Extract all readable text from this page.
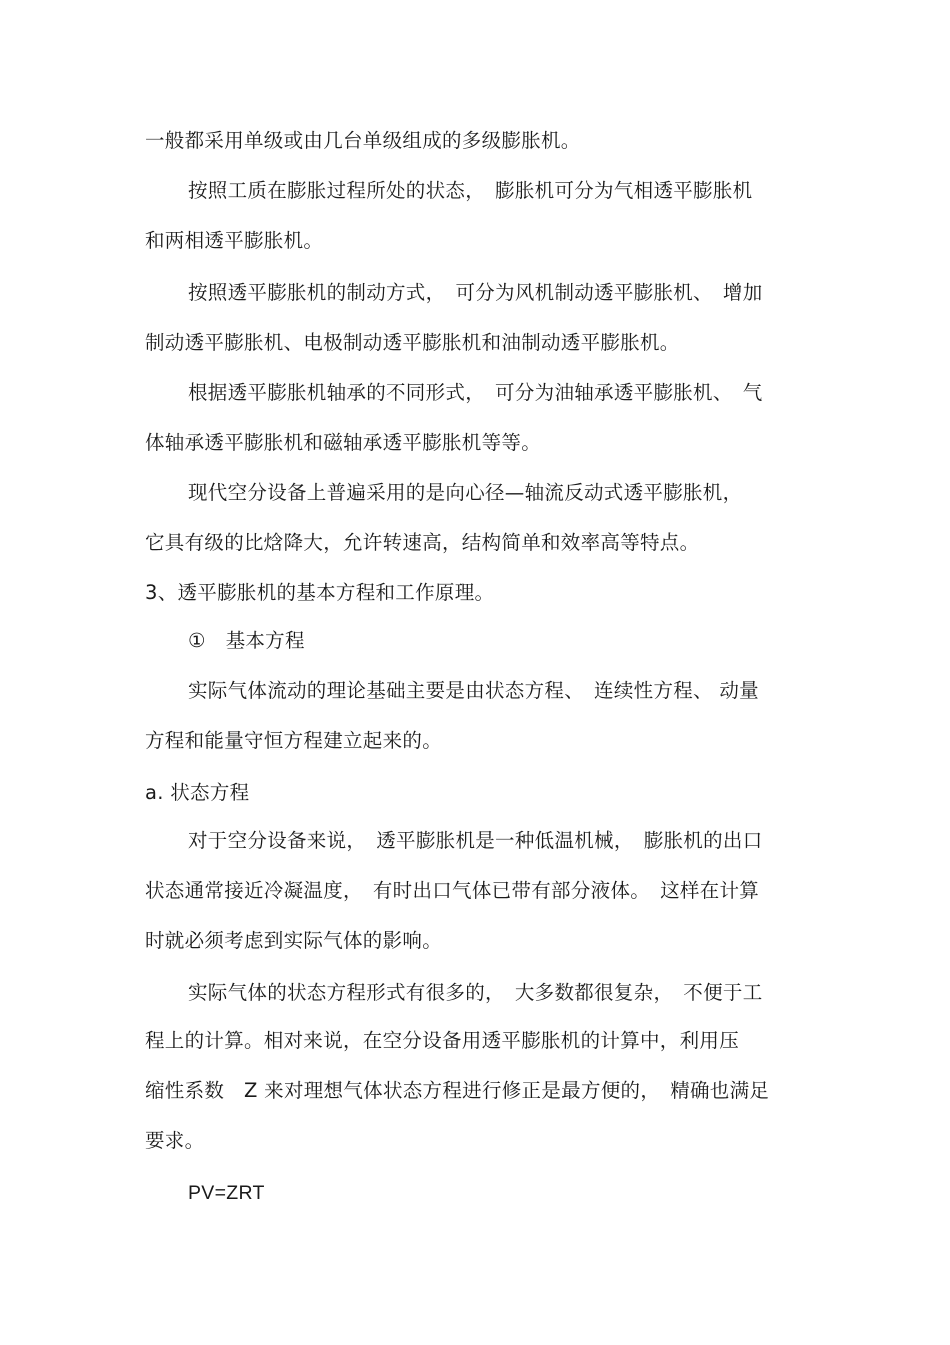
一般都采用单级或由几台单级组成的多级膨胀机。
按照工质在膨胀过程所处的状态，　膨胀机可分为气相透平膨胀机
和两相透平膨胀机。
按照透平膨胀机的制动方式，　可分为风机制动透平膨胀机、　增加
制动透平膨胀机、电极制动透平膨胀机和油制动透平膨胀机。
根据透平膨胀机轴承的不同形式，　可分为油轴承透平膨胀机、　气
体轴承透平膨胀机和磁轴承透平膨胀机等等。
现代空分设备上普遍采用的是向心径—轴流反动式透平膨胀机，
它具有级的比焓降大，允许转速高，结构简单和效率高等特点。
3、透平膨胀机的基本方程和工作原理。
①　基本方程
实际气体流动的理论基础主要是由状态方程、　连续性方程、 动量
方程和能量守恒方程建立起来的。
a. 状态方程
对于空分设备来说，　透平膨胀机是一种低温机械，　膨胀机的出口
状态通常接近冷凝温度，　有时出口气体已带有部分液体。　这样在计算
时就必须考虑到实际气体的影响。
实际气体的状态方程形式有很多的，　大多数都很复杂，　不便于工
程上的计算。相对来说，在空分设备用透平膨胀机的计算中，利用压
缩性系数　Z 来对理想气体状态方程进行修正是最方便的，　精确也满足
要求。
PV=ZRT
